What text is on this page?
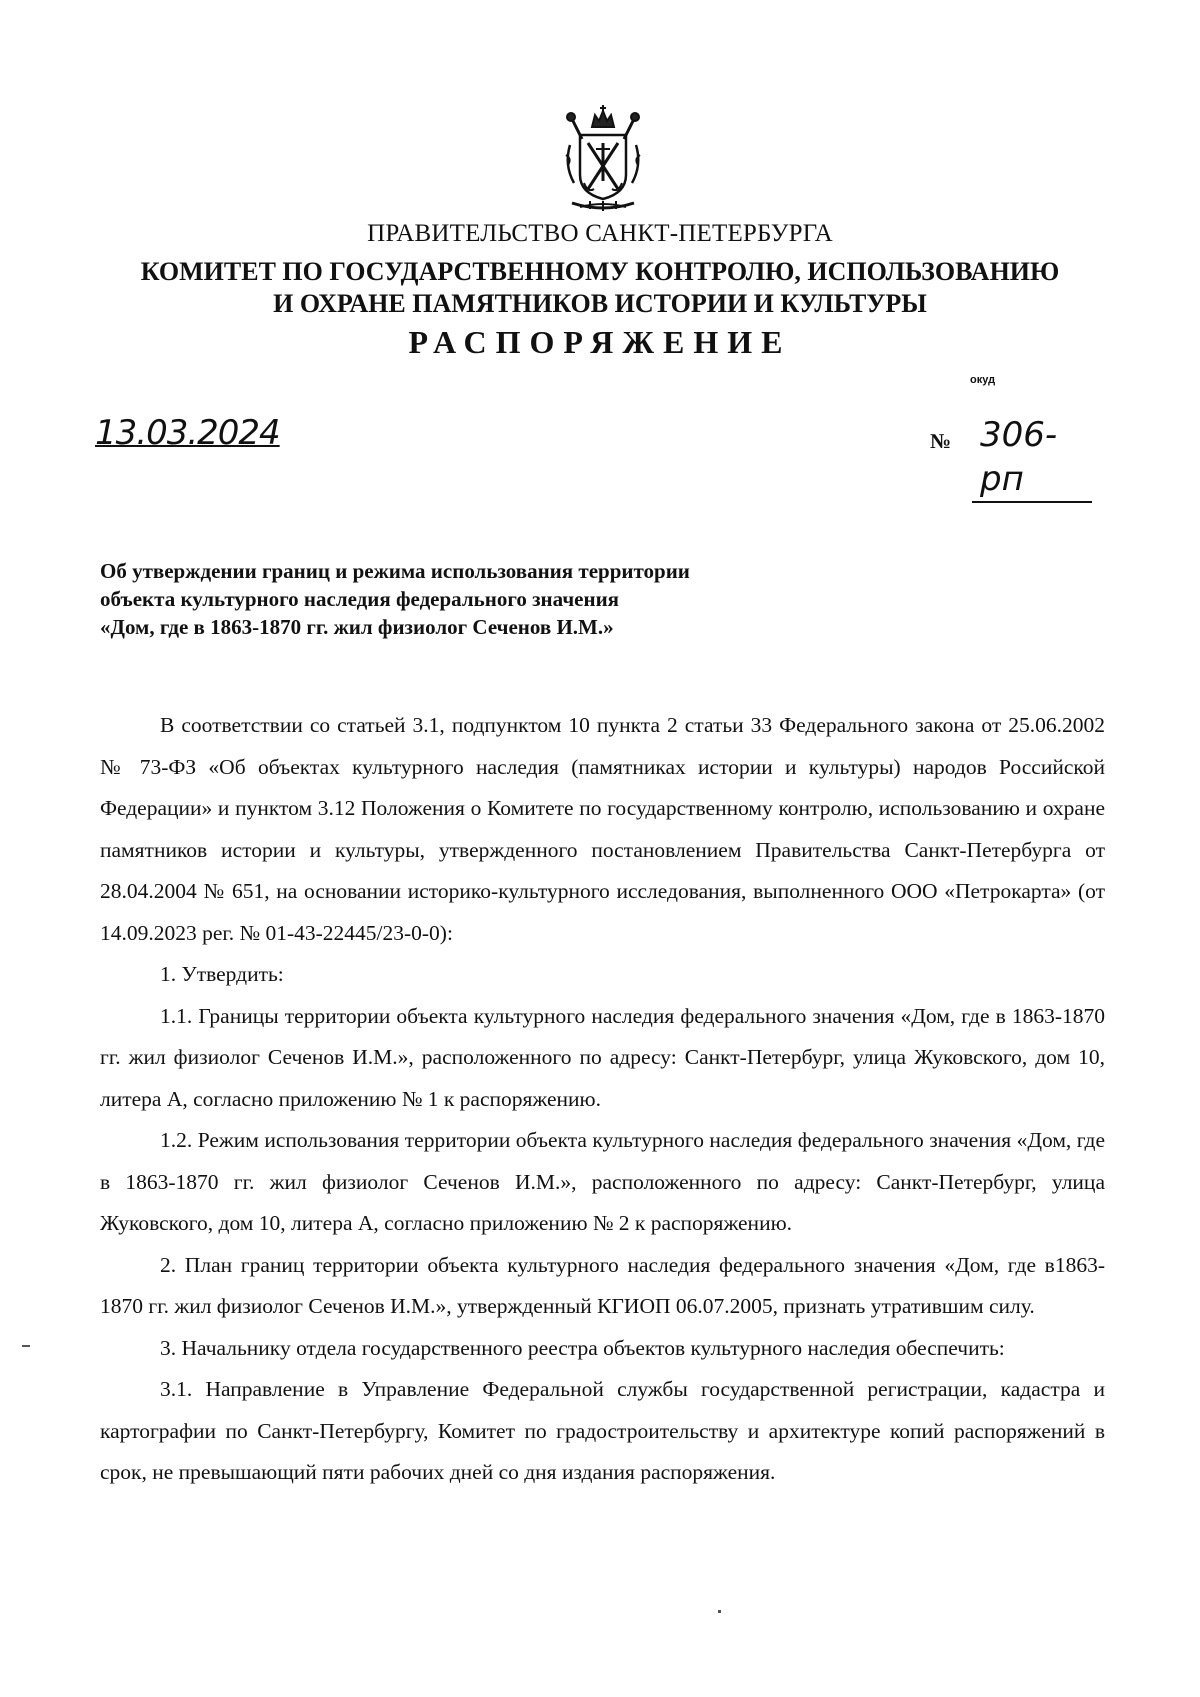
ПРАВИТЕЛЬСТВО САНКТ-ПЕТЕРБУРГА
КОМИТЕТ ПО ГОСУДАРСТВЕННОМУ КОНТРОЛЮ, ИСПОЛЬЗОВАНИЮ
И ОХРАНЕ ПАМЯТНИКОВ ИСТОРИИ И КУЛЬТУРЫ
РАСПОРЯЖЕНИЕ
окуд
13.03.2024	№ 306-рп
Об утверждении границ и режима использования территории
объекта культурного наследия федерального значения
«Дом, где в 1863-1870 гг. жил физиолог Сеченов И.М.»

В соответствии со статьей 3.1, подпунктом 10 пункта 2 статьи 33 Федерального закона от 25.06.2002 № 73-ФЗ «Об объектах культурного наследия (памятниках истории и культуры) народов Российской Федерации» и пунктом 3.12 Положения о Комитете по государственному контролю, использованию и охране памятников истории и культуры, утвержденного постановлением Правительства Санкт-Петербурга от 28.04.2004 № 651, на основании историко-культурного исследования, выполненного ООО «Петрокарта» (от 14.09.2023 рег. № 01-43-22445/23-0-0):

1. Утвердить:

1.1. Границы территории объекта культурного наследия федерального значения «Дом, где в 1863-1870 гг. жил физиолог Сеченов И.М.», расположенного по адресу: Санкт-Петербург, улица Жуковского, дом 10, литера А, согласно приложению № 1 к распоряжению.

1.2. Режим использования территории объекта культурного наследия федерального значения «Дом, где в 1863-1870 гг. жил физиолог Сеченов И.М.», расположенного по адресу: Санкт-Петербург, улица Жуковского, дом 10, литера А, согласно приложению № 2 к распоряжению.

2. План границ территории объекта культурного наследия федерального значения «Дом, где в1863-1870 гг. жил физиолог Сеченов И.М.», утвержденный КГИОП 06.07.2005, признать утратившим силу.

3. Начальнику отдела государственного реестра объектов культурного наследия обеспечить:

3.1. Направление в Управление Федеральной службы государственной регистрации, кадастра и картографии по Санкт-Петербургу, Комитет по градостроительству и архитектуре копий распоряжений в срок, не превышающий пяти рабочих дней со дня издания распоряжения.
